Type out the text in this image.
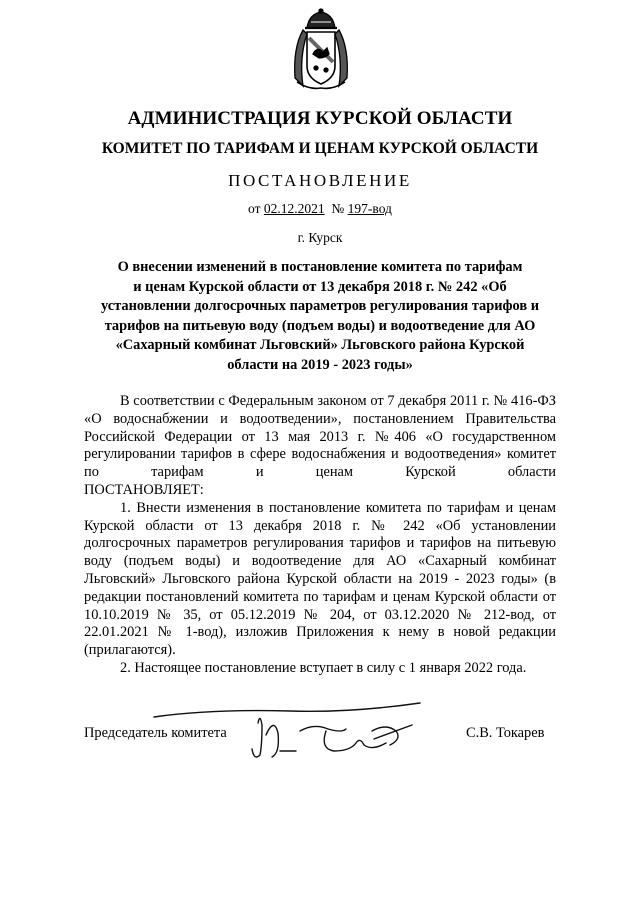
АДМИНИСТРАЦИЯ КУРСКОЙ ОБЛАСТИ
КОМИТЕТ ПО ТАРИФАМ И ЦЕНАМ КУРСКОЙ ОБЛАСТИ
ПОСТАНОВЛЕНИЕ
от 02.12.2021 № 197-вод
г. Курск
О внесении изменений в постановление комитета по тарифам
и ценам Курской области от 13 декабря 2018 г. № 242 «Об
установлении долгосрочных параметров регулирования тарифов и
тарифов на питьевую воду (подъем воды) и водоотведение для АО
«Сахарный комбинат Льговский» Льговского района Курской
области на 2019 - 2023 годы»
В соответствии с Федеральным законом от 7 декабря 2011 г. № 416-ФЗ «О водоснабжении и водоотведении», постановлением Правительства Российской Федерации от 13 мая 2013 г. №406 «О государственном регулировании тарифов в сфере водоснабжения и водоотведения» комитет по тарифам и ценам Курской области
ПОСТАНОВЛЯЕТ:
1. Внести изменения в постановление комитета по тарифам и ценам Курской области от 13 декабря 2018 г. № 242 «Об установлении долгосрочных параметров регулирования тарифов и тарифов на питьевую воду (подъем воды) и водоотведение для АО «Сахарный комбинат Льговский» Льговского района Курской области на 2019 - 2023 годы» (в редакции постановлений комитета по тарифам и ценам Курской области от 10.10.2019 № 35, от 05.12.2019 № 204, от 03.12.2020 № 212-вод, от 22.01.2021 № 1-вод), изложив Приложения к нему в новой редакции (прилагаются).
2. Настоящее постановление вступает в силу с 1 января 2022 года.
Председатель комитета	С.В. Токарев
